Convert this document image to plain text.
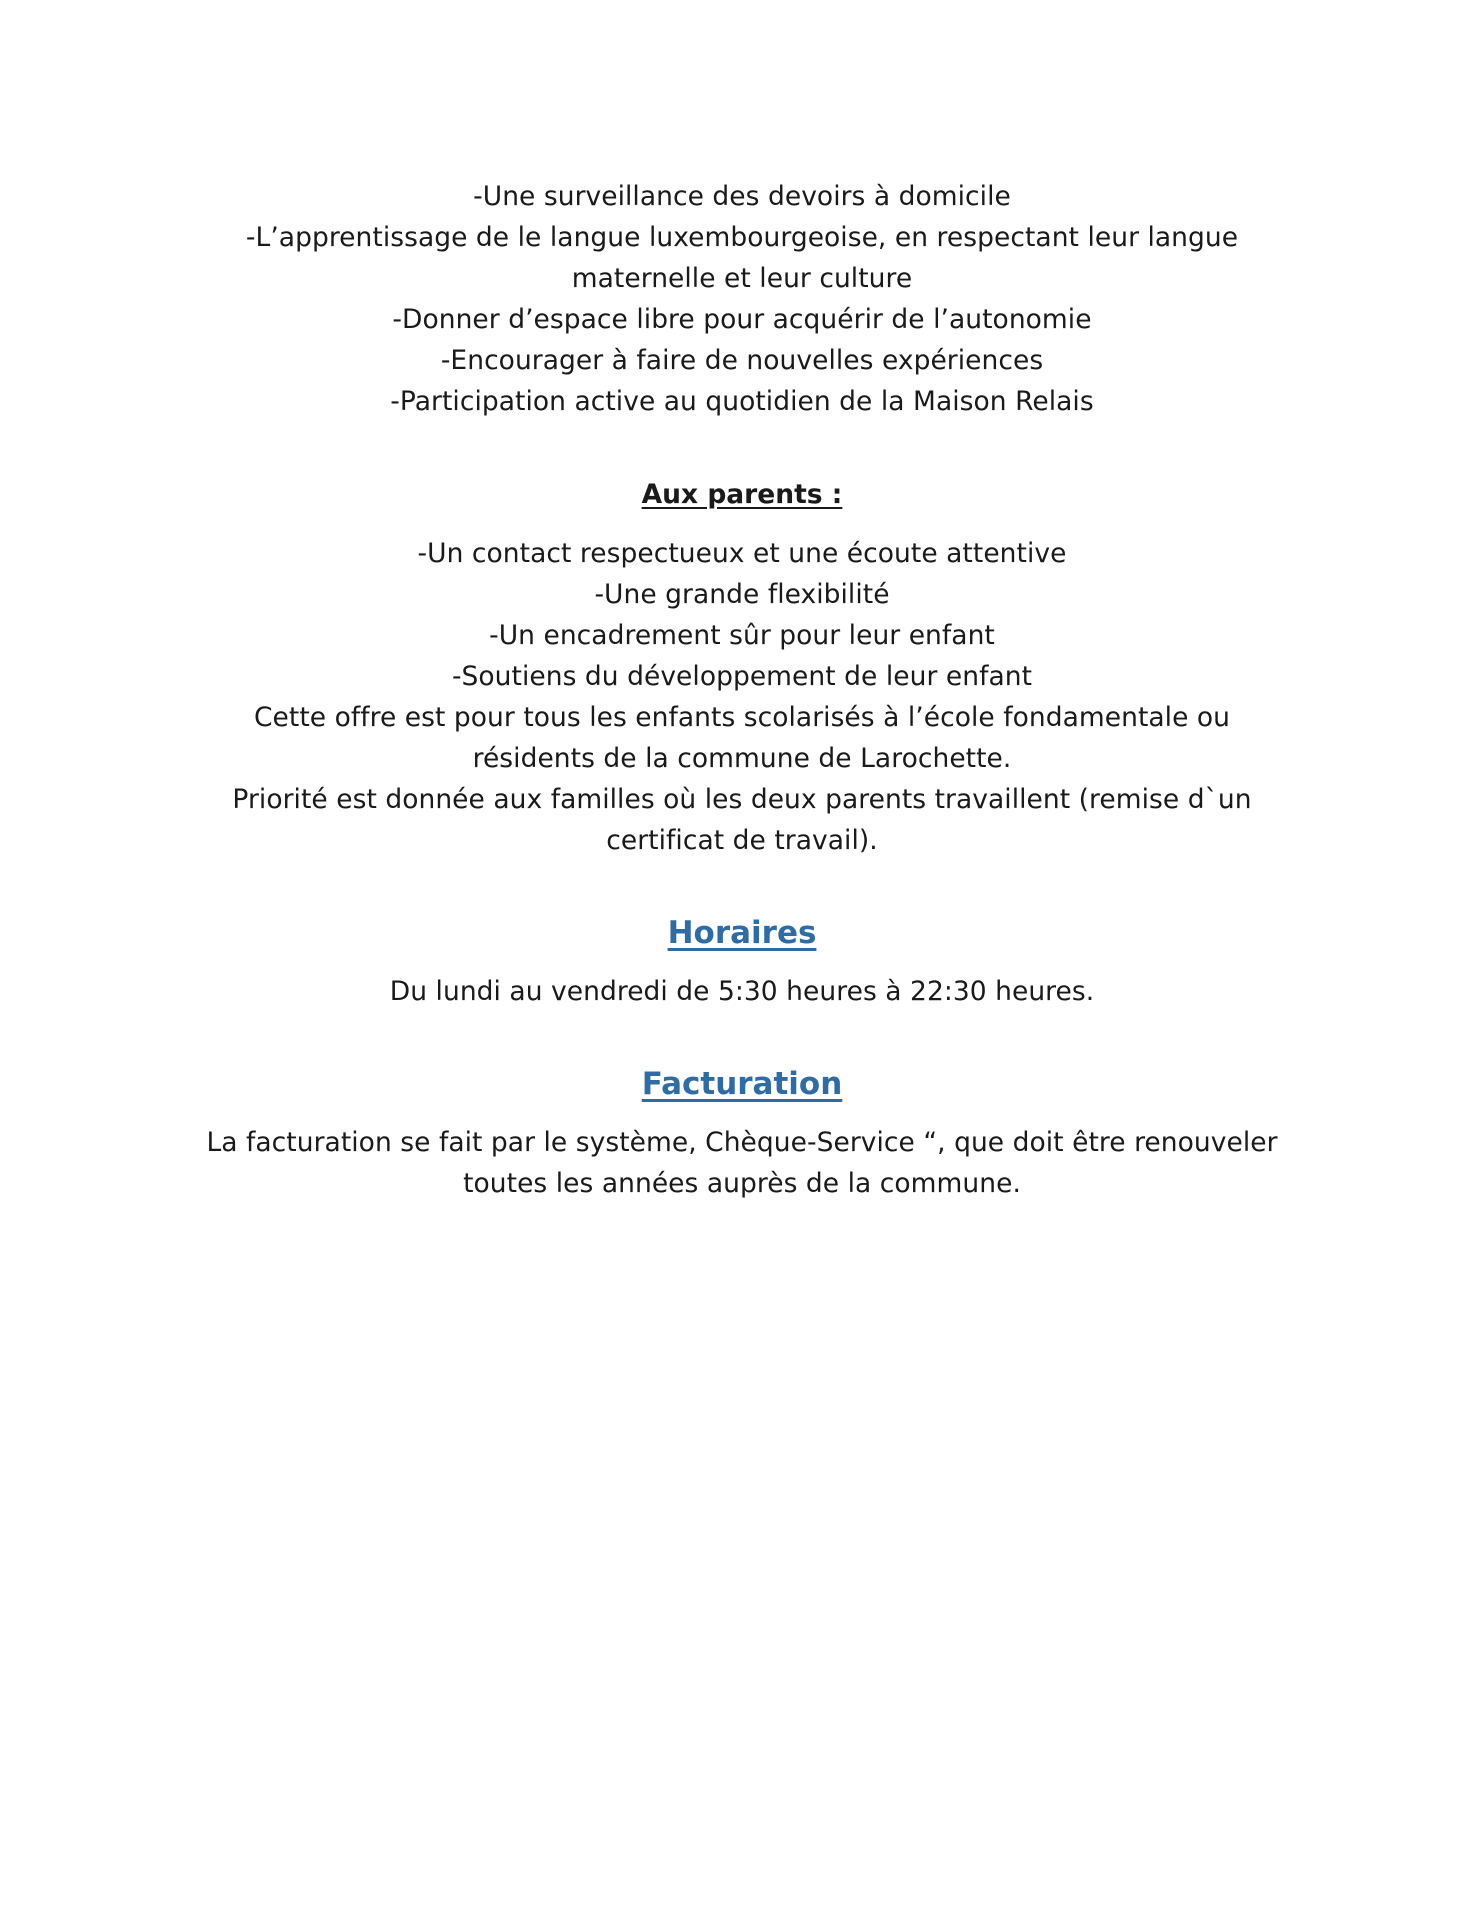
-Une surveillance des devoirs à domicile

-L’apprentissage de le langue luxembourgeoise, en respectant leur langue

maternelle et leur culture

-Donner d’espace libre pour acquérir de l’autonomie

-Encourager à faire de nouvelles expériences

-Participation active au quotidien de la Maison Relais

Aux parents :

-Un contact respectueux et une écoute attentive

-Une grande flexibilité

-Un encadrement sûr pour leur enfant

-Soutiens du développement de leur enfant

Cette offre est pour tous les enfants scolarisés à l’école fondamentale ou

résidents de la commune de Larochette.

Priorité est donnée aux familles où les deux parents travaillent (remise d`un

certificat de travail).

Horaires

Du lundi au vendredi de 5:30 heures à 22:30 heures.

Facturation

La facturation se fait par le système, Chèque-Service “, que doit être renouveler

toutes les années auprès de la commune.
